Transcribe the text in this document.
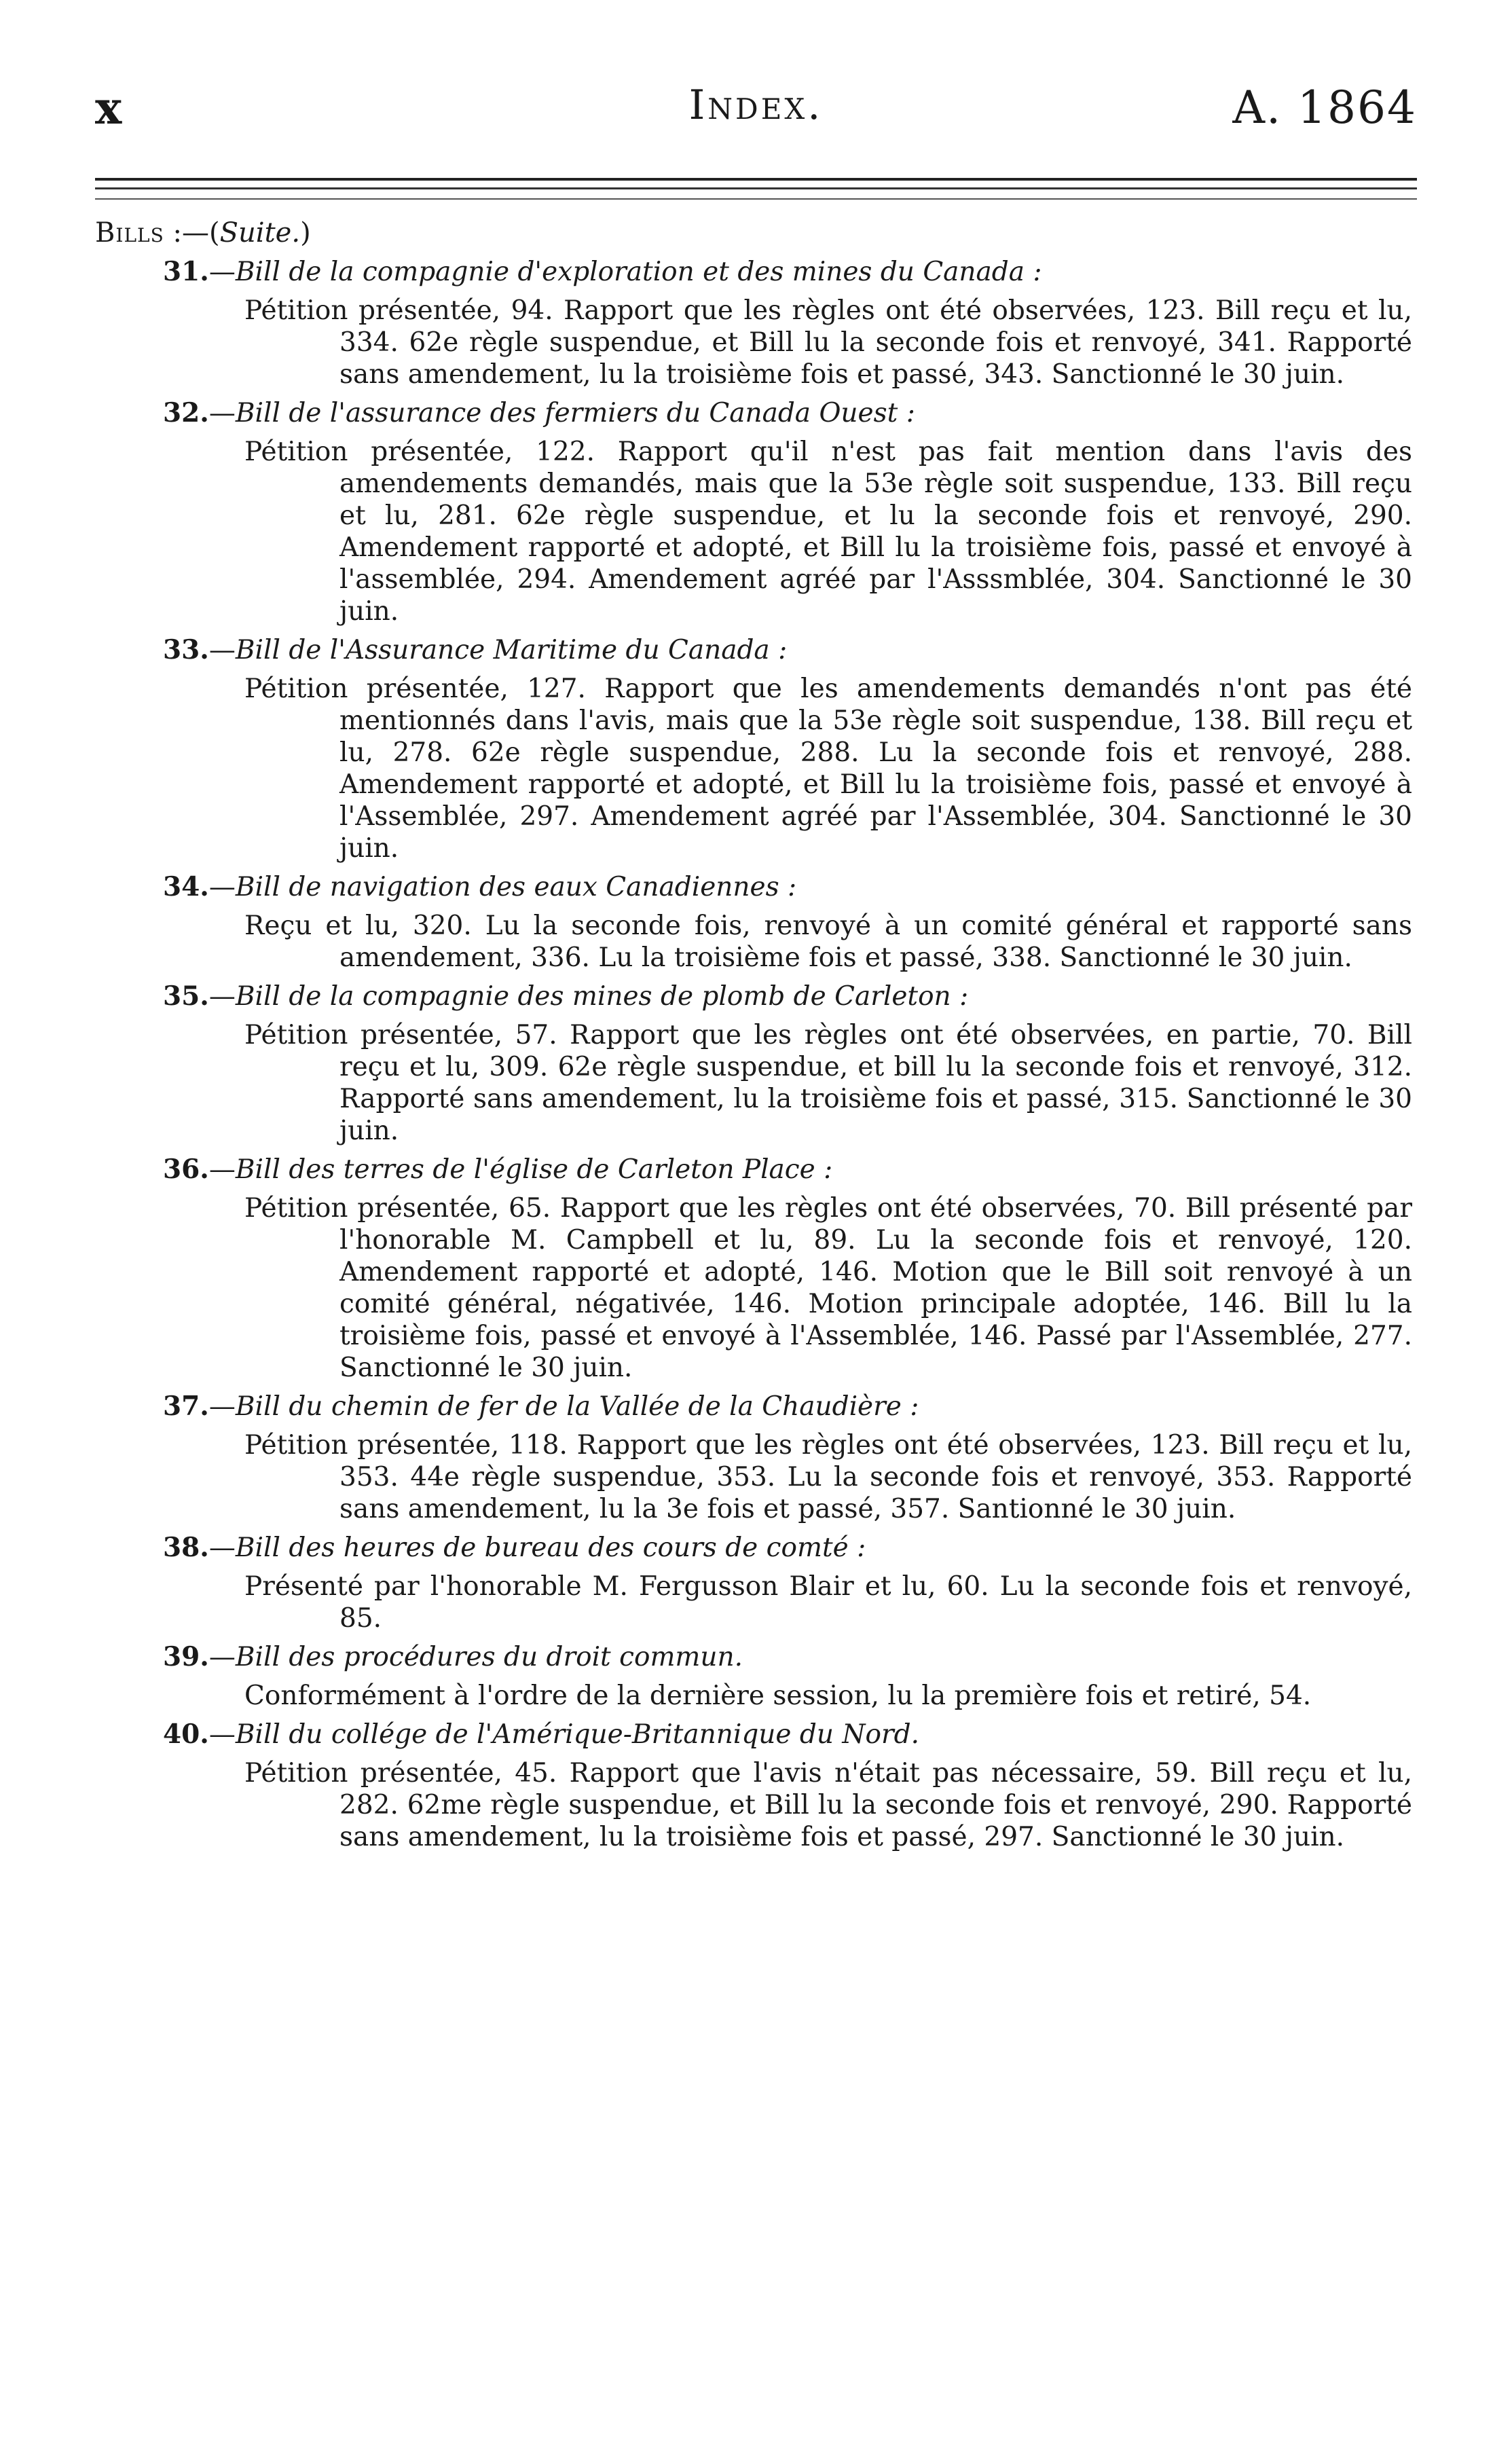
x	Index.	A. 1864
Bills :—(Suite.)
31.—Bill de la compagnie d'exploration et des mines du Canada :
Pétition présentée, 94. Rapport que les règles ont été observées, 123. Bill reçu et lu, 334. 62e règle suspendue, et Bill lu la seconde fois et renvoyé, 341. Rapporté sans amendement, lu la troisième fois et passé, 343. Sanctionné le 30 juin.
32.—Bill de l'assurance des fermiers du Canada Ouest :
Pétition présentée, 122. Rapport qu'il n'est pas fait mention dans l'avis des amendements demandés, mais que la 53e règle soit suspendue, 133. Bill reçu et lu, 281. 62e règle suspendue, et lu la seconde fois et renvoyé, 290. Amendement rapporté et adopté, et Bill lu la troisième fois, passé et envoyé à l'assemblée, 294. Amendement agréé par l'Asssmblée, 304. Sanctionné le 30 juin.
33.—Bill de l'Assurance Maritime du Canada :
Pétition présentée, 127. Rapport que les amendements demandés n'ont pas été mentionnés dans l'avis, mais que la 53e règle soit suspendue, 138. Bill reçu et lu, 278. 62e règle suspendue, 288. Lu la seconde fois et renvoyé, 288. Amendement rapporté et adopté, et Bill lu la troisième fois, passé et envoyé à l'Assemblée, 297. Amendement agréé par l'Assemblée, 304. Sanctionné le 30 juin.
34.—Bill de navigation des eaux Canadiennes :
Reçu et lu, 320. Lu la seconde fois, renvoyé à un comité général et rapporté sans amendement, 336. Lu la troisième fois et passé, 338. Sanctionné le 30 juin.
35.—Bill de la compagnie des mines de plomb de Carleton :
Pétition présentée, 57. Rapport que les règles ont été observées, en partie, 70. Bill reçu et lu, 309. 62e règle suspendue, et bill lu la seconde fois et renvoyé, 312. Rapporté sans amendement, lu la troisième fois et passé, 315. Sanctionné le 30 juin.
36.—Bill des terres de l'église de Carleton Place :
Pétition présentée, 65. Rapport que les règles ont été observées, 70. Bill présenté par l'honorable M. Campbell et lu, 89. Lu la seconde fois et renvoyé, 120. Amendement rapporté et adopté, 146. Motion que le Bill soit renvoyé à un comité général, négativée, 146. Motion principale adoptée, 146. Bill lu la troisième fois, passé et envoyé à l'Assemblée, 146. Passé par l'Assemblée, 277. Sanctionné le 30 juin.
37.—Bill du chemin de fer de la Vallée de la Chaudière :
Pétition présentée, 118. Rapport que les règles ont été observées, 123. Bill reçu et lu, 353. 44e règle suspendue, 353. Lu la seconde fois et renvoyé, 353. Rapporté sans amendement, lu la 3e fois et passé, 357. Santionné le 30 juin.
38.—Bill des heures de bureau des cours de comté :
Présenté par l'honorable M. Fergusson Blair et lu, 60. Lu la seconde fois et renvoyé, 85.
39.—Bill des procédures du droit commun.
Conformément à l'ordre de la dernière session, lu la première fois et retiré, 54.
40.—Bill du collége de l'Amérique-Britannique du Nord.
Pétition présentée, 45. Rapport que l'avis n'était pas nécessaire, 59. Bill reçu et lu, 282. 62me règle suspendue, et Bill lu la seconde fois et renvoyé, 290. Rapporté sans amendement, lu la troisième fois et passé, 297. Sanctionné le 30 juin.
